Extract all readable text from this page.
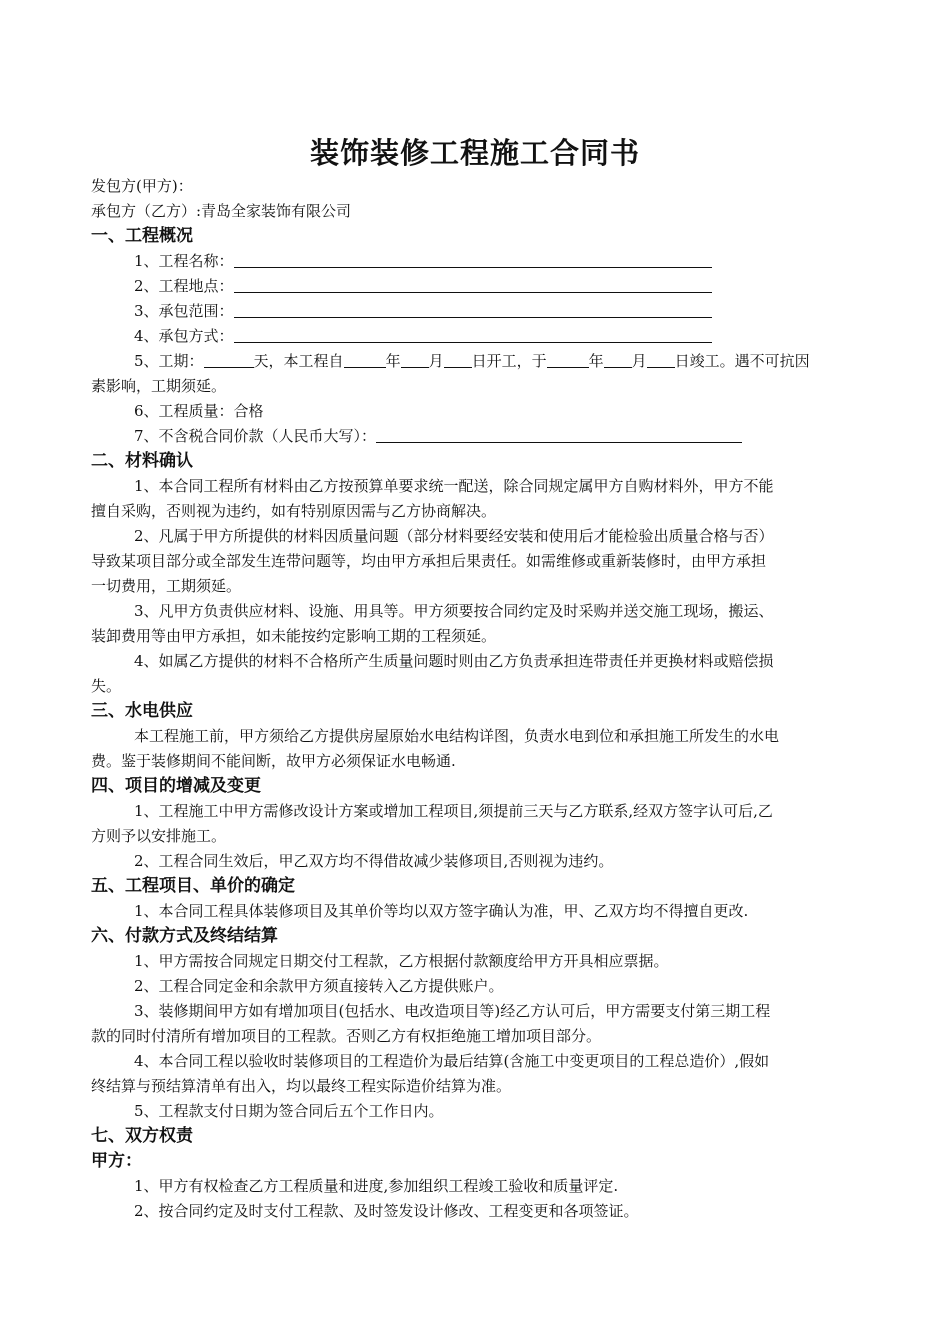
装饰装修工程施工合同书

发包方(甲方)：

承包方（乙方）:青岛全家装饰有限公司

一、工程概况

1、工程名称：

2、工程地点：

3、承包范围：

4、承包方式：

5、工期：	天，本工程自	年 月 日开工，于	年 月 日竣工。遇不可抗因

素影响，工期须延。

6、工程质量：合格

7、不含税合同价款（人民币大写）：

二、材料确认

1、本合同工程所有材料由乙方按预算单要求统一配送，除合同规定属甲方自购材料外，甲方不能

擅自采购，否则视为违约，如有特别原因需与乙方协商解决。

2、凡属于甲方所提供的材料因质量问题（部分材料要经安装和使用后才能检验出质量合格与否）

导致某项目部分或全部发生连带问题等，均由甲方承担后果责任。如需维修或重新装修时，由甲方承担

一切费用，工期须延。

3、凡甲方负责供应材料、设施、用具等。甲方须要按合同约定及时采购并送交施工现场，搬运、

装卸费用等由甲方承担，如未能按约定影响工期的工程须延。

4、如属乙方提供的材料不合格所产生质量问题时则由乙方负责承担连带责任并更换材料或赔偿损

失。

三、水电供应

本工程施工前，甲方须给乙方提供房屋原始水电结构详图，负责水电到位和承担施工所发生的水电

费。鉴于装修期间不能间断，故甲方必须保证水电畅通.

四、项目的增减及变更

1、工程施工中甲方需修改设计方案或增加工程项目,须提前三天与乙方联系,经双方签字认可后,乙

方则予以安排施工。

2、工程合同生效后，甲乙双方均不得借故减少装修项目,否则视为违约。

五、工程项目、单价的确定

1、本合同工程具体装修项目及其单价等均以双方签字确认为准，甲、乙双方均不得擅自更改.

六、付款方式及终结结算

1、甲方需按合同规定日期交付工程款，乙方根据付款额度给甲方开具相应票据。

2、工程合同定金和余款甲方须直接转入乙方提供账户。

3、装修期间甲方如有增加项目(包括水、电改造项目等)经乙方认可后，甲方需要支付第三期工程

款的同时付清所有增加项目的工程款。否则乙方有权拒绝施工增加项目部分。

4、本合同工程以验收时装修项目的工程造价为最后结算(含施工中变更项目的工程总造价）,假如

终结算与预结算清单有出入，均以最终工程实际造价结算为准。

5、工程款支付日期为签合同后五个工作日内。

七、双方权责

甲方：

1、甲方有权检查乙方工程质量和进度,参加组织工程竣工验收和质量评定.

2、按合同约定及时支付工程款、及时签发设计修改、工程变更和各项签证。
